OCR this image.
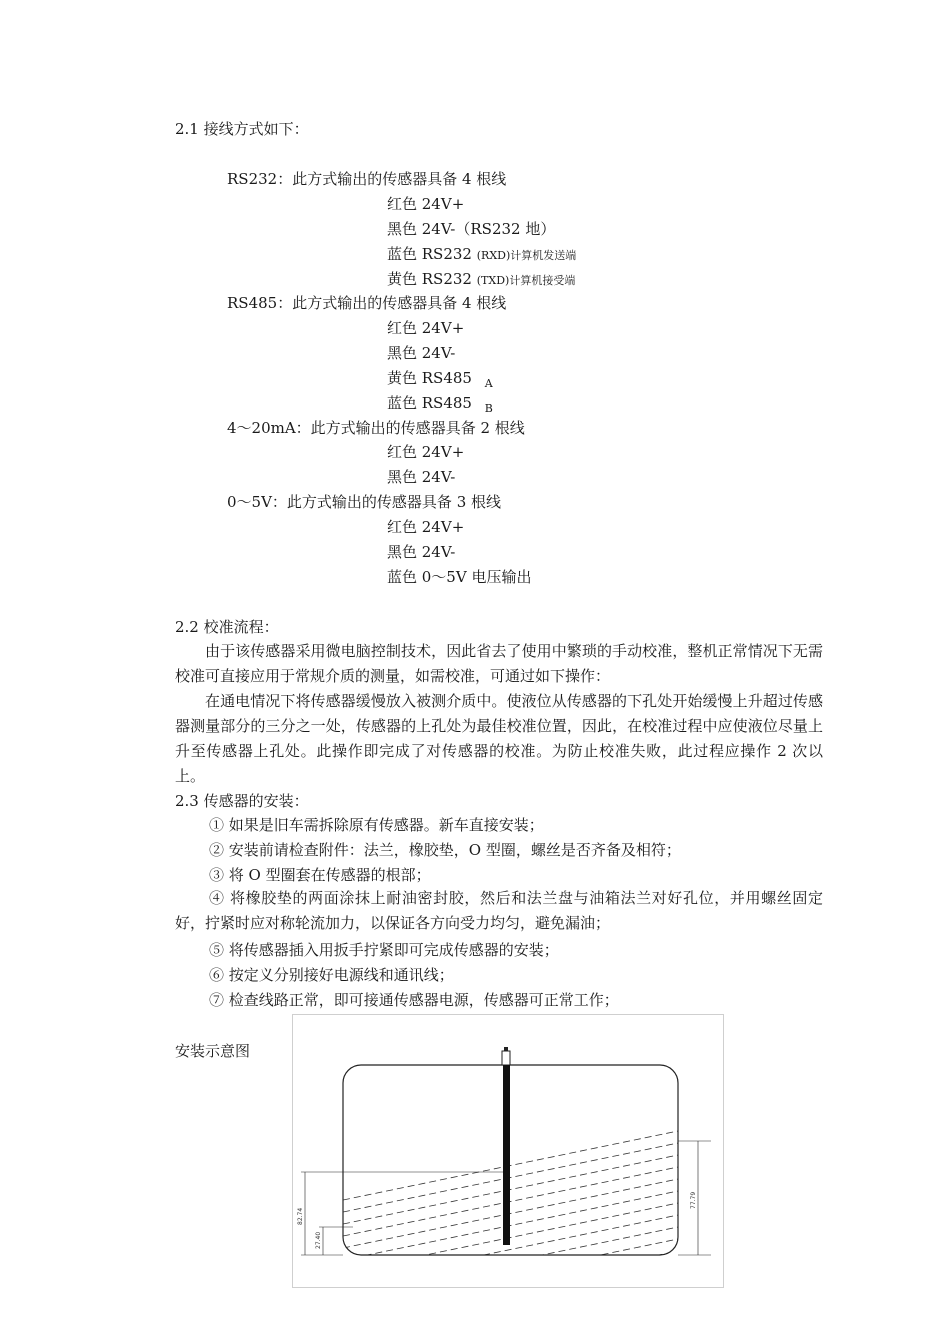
2.1 接线方式如下：
RS232：此方式输出的传感器具备 4 根线
红色 24V+
黑色 24V-（RS232 地）
蓝色 RS232 (RXD)计算机发送端
黄色 RS232 (TXD)计算机接受端
RS485：此方式输出的传感器具备 4 根线
红色 24V+
黑色 24V-
黄色 RS485 $_A$
蓝色 RS485 $_B$
4～20mA：此方式输出的传感器具备 2 根线
红色 24V+
黑色 24V-
0～5V：此方式输出的传感器具备 3 根线
红色 24V+
黑色 24V-
蓝色 0～5V 电压输出
2.2 校准流程：

由于该传感器采用微电脑控制技术，因此省去了使用中繁琐的手动校准，整机正常情况下无需校准可直接应用于常规介质的测量，如需校准，可通过如下操作：

在通电情况下将传感器缓慢放入被测介质中。使液位从传感器的下孔处开始缓慢上升超过传感器测量部分的三分之一处，传感器的上孔处为最佳校准位置，因此，在校准过程中应使液位尽量上升至传感器上孔处。此操作即完成了对传感器的校准。为防止校准失败，此过程应操作 2 次以上。

2.3 传感器的安装：
① 如果是旧车需拆除原有传感器。新车直接安装；
② 安装前请检查附件：法兰，橡胶垫，O 型圈，螺丝是否齐备及相符；
③ 将 O 型圈套在传感器的根部；

④ 将橡胶垫的两面涂抹上耐油密封胶，然后和法兰盘与油箱法兰对好孔位，并用螺丝固定好，拧紧时应对称轮流加力，以保证各方向受力均匀，避免漏油；

⑤ 将传感器插入用扳手拧紧即可完成传感器的安装；
⑥ 按定义分别接好电源线和通讯线；
⑦ 检查线路正常，即可接通传感器电源，传感器可正常工作；
安装示意图
82.74
27.40
77.79
